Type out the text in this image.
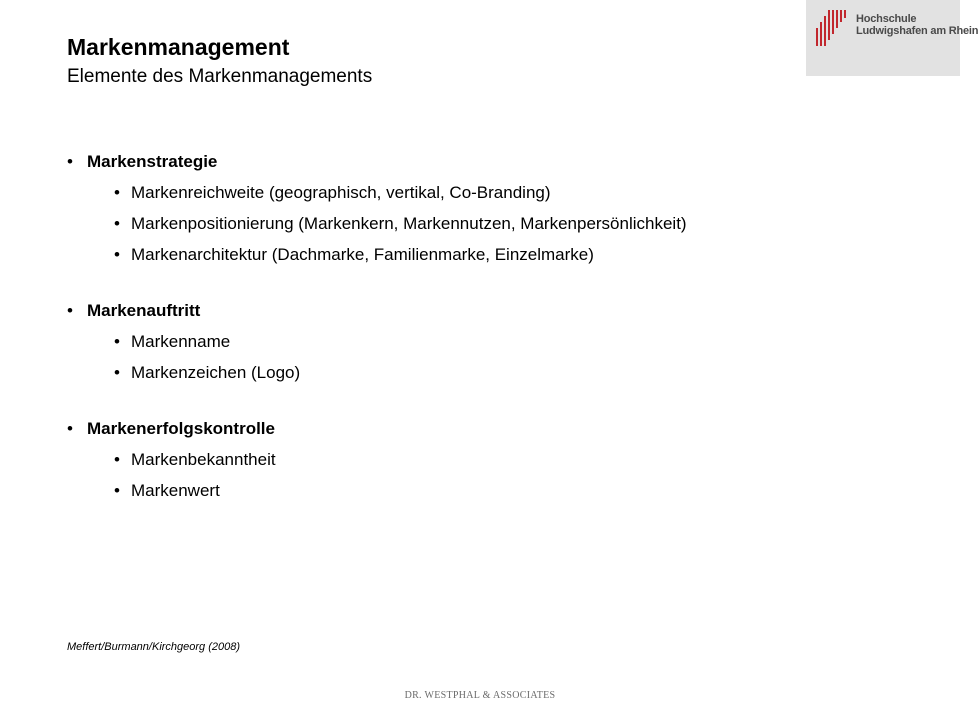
Hochschule
Ludwigshafen am Rhein
Markenmanagement
Elemente des Markenmanagements
• Markenstrategie
• Markenreichweite (geographisch, vertikal, Co-Branding)
• Markenpositionierung (Markenkern, Markennutzen, Markenpersönlichkeit)
• Markenarchitektur (Dachmarke, Familienmarke, Einzelmarke)
• Markenauftritt
• Markenname
• Markenzeichen (Logo)
• Markenerfolgskontrolle
• Markenbekanntheit
• Markenwert
Meffert/Burmann/Kirchgeorg (2008)
DR. WESTPHAL & ASSOCIATES
